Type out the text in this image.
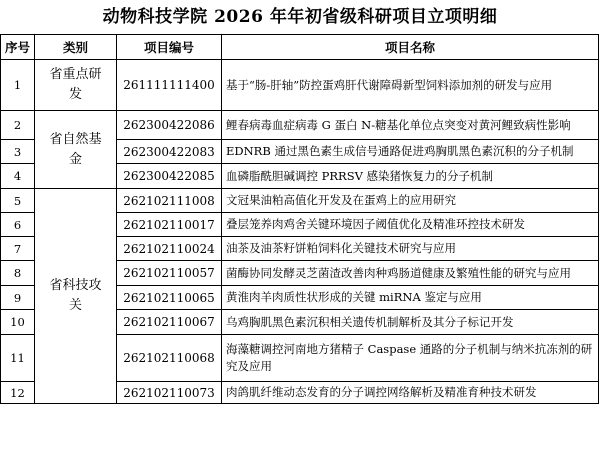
动物科技学院 2026 年年初省级科研项目立项明细
序号	类别	项目编号	项目名称
1	省重点研发	261111111400	基于“肠-肝轴”防控蛋鸡肝代谢障碍新型饲料添加剂的研发与应用
2	省自然基金	262300422086	鲤春病毒血症病毒 G 蛋白 N-糖基化单位点突变对黄河鲤致病性影响
3		262300422083	EDNRB 通过黑色素生成信号通路促进鸡胸肌黑色素沉积的分子机制
4		262300422085	血磷脂酰胆碱调控 PRRSV 感染猪恢复力的分子机制
5	省科技攻关	262102111008	文冠果油粕高值化开发及在蛋鸡上的应用研究
6		262102110017	叠层笼养肉鸡舍关键环境因子阈值优化及精准环控技术研发
7		262102110024	油茶及油茶籽饼粕饲料化关键技术研究与应用
8		262102110057	菌酶协同发酵灵芝菌渣改善肉种鸡肠道健康及繁殖性能的研究与应用
9		262102110065	黄淮肉羊肉质性状形成的关键 miRNA 鉴定与应用
10		262102110067	乌鸡胸肌黑色素沉积相关遗传机制解析及其分子标记开发
11		262102110068	海藻糖调控河南地方猪精子 Caspase 通路的分子机制与纳米抗冻剂的研究及应用
12		262102110073	肉鸽肌纤维动态发育的分子调控网络解析及精准育种技术研发
